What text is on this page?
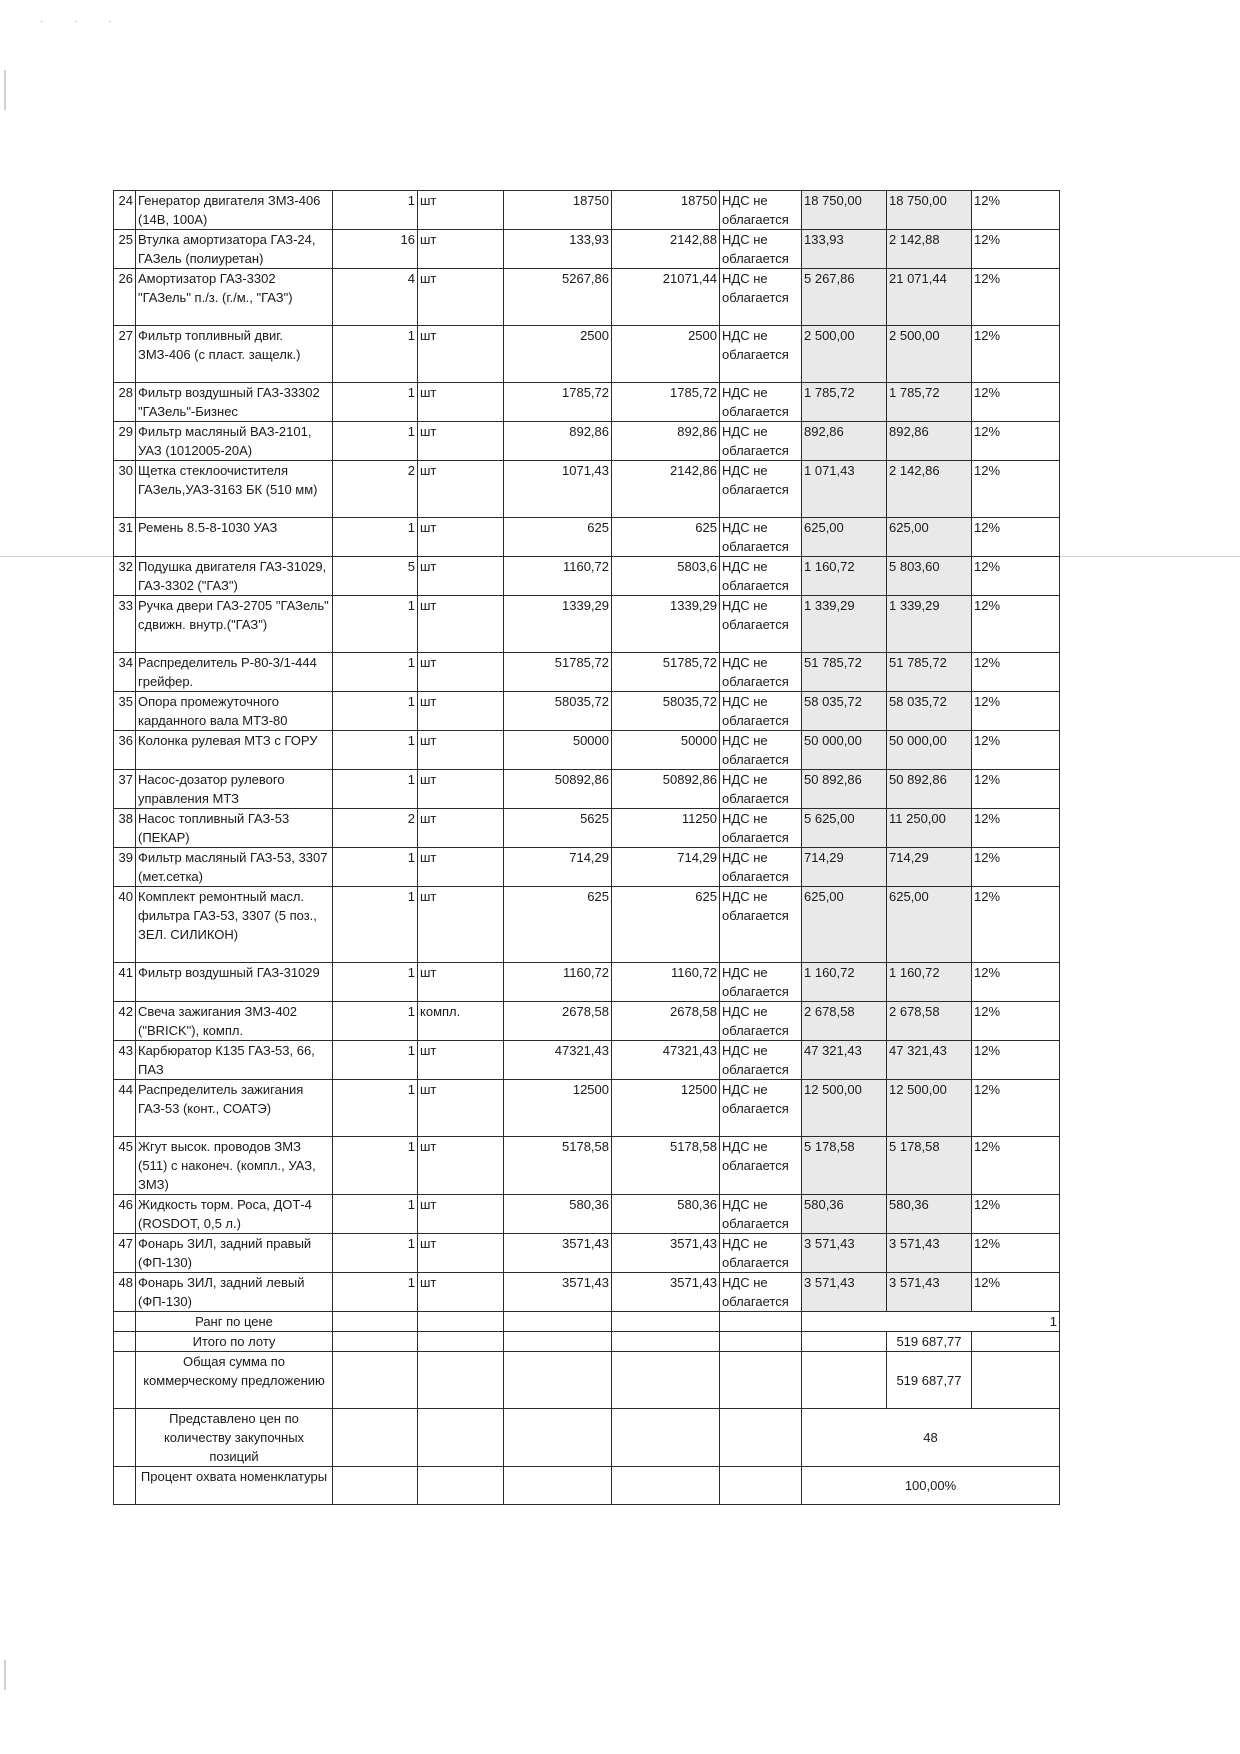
· · ·
24	Генератор двигателя ЗМЗ-406 (14В, 100А)	1	шт	18750	18750	НДС не облагается	18 750,00	18 750,00	12%
25	Втулка амортизатора ГАЗ-24, ГАЗель (полиуретан)	16	шт	133,93	2142,88	НДС не облагается	133,93	2 142,88	12%
26	Амортизатор ГАЗ-3302 "ГАЗель" п./з. (г./м., "ГАЗ")	4	шт	5267,86	21071,44	НДС не облагается	5 267,86	21 071,44	12%
27	Фильтр топливный двиг. ЗМЗ-406 (с пласт. защелк.)	1	шт	2500	2500	НДС не облагается	2 500,00	2 500,00	12%
28	Фильтр воздушный ГАЗ-33302 "ГАЗель"-Бизнес	1	шт	1785,72	1785,72	НДС не облагается	1 785,72	1 785,72	12%
29	Фильтр масляный ВАЗ-2101, УАЗ (1012005-20А)	1	шт	892,86	892,86	НДС не облагается	892,86	892,86	12%
30	Щетка стеклоочистителя ГАЗель,УАЗ-3163 БК (510 мм)	2	шт	1071,43	2142,86	НДС не облагается	1 071,43	2 142,86	12%
31	Ремень 8.5-8-1030 УАЗ	1	шт	625	625	НДС не облагается	625,00	625,00	12%
32	Подушка двигателя ГАЗ-31029, ГАЗ-3302 ("ГАЗ")	5	шт	1160,72	5803,6	НДС не облагается	1 160,72	5 803,60	12%
33	Ручка двери ГАЗ-2705 "ГАЗель" сдвижн. внутр.("ГАЗ")	1	шт	1339,29	1339,29	НДС не облагается	1 339,29	1 339,29	12%
34	Распределитель Р-80-3/1-444 грейфер.	1	шт	51785,72	51785,72	НДС не облагается	51 785,72	51 785,72	12%
35	Опора промежуточного карданного вала МТЗ-80	1	шт	58035,72	58035,72	НДС не облагается	58 035,72	58 035,72	12%
36	Колонка рулевая МТЗ с ГОРУ	1	шт	50000	50000	НДС не облагается	50 000,00	50 000,00	12%
37	Насос-дозатор рулевого управления МТЗ	1	шт	50892,86	50892,86	НДС не облагается	50 892,86	50 892,86	12%
38	Насос топливный ГАЗ-53 (ПЕКАР)	2	шт	5625	11250	НДС не облагается	5 625,00	11 250,00	12%
39	Фильтр масляный ГАЗ-53, 3307 (мет.сетка)	1	шт	714,29	714,29	НДС не облагается	714,29	714,29	12%
40	Комплект ремонтный масл. фильтра ГАЗ-53, 3307 (5 поз., ЗЕЛ. СИЛИКОН)	1	шт	625	625	НДС не облагается	625,00	625,00	12%
41	Фильтр воздушный ГАЗ-31029	1	шт	1160,72	1160,72	НДС не облагается	1 160,72	1 160,72	12%
42	Свеча зажигания ЗМЗ-402 ("BRICK"), компл.	1	компл.	2678,58	2678,58	НДС не облагается	2 678,58	2 678,58	12%
43	Карбюратор К135 ГАЗ-53, 66, ПАЗ	1	шт	47321,43	47321,43	НДС не облагается	47 321,43	47 321,43	12%
44	Распределитель зажигания ГАЗ-53 (конт., СОАТЭ)	1	шт	12500	12500	НДС не облагается	12 500,00	12 500,00	12%
45	Жгут высок. проводов ЗМЗ (511) с наконеч. (компл., УАЗ, ЗМЗ)	1	шт	5178,58	5178,58	НДС не облагается	5 178,58	5 178,58	12%
46	Жидкость торм. Роса, ДОТ-4 (ROSDOT, 0,5 л.)	1	шт	580,36	580,36	НДС не облагается	580,36	580,36	12%
47	Фонарь ЗИЛ, задний правый (ФП-130)	1	шт	3571,43	3571,43	НДС не облагается	3 571,43	3 571,43	12%
48	Фонарь ЗИЛ, задний левый (ФП-130)	1	шт	3571,43	3571,43	НДС не облагается	3 571,43	3 571,43	12%
	Ранг по цене						1		
	Итого по лоту							519 687,77	
	Общая сумма по коммерческому предложению							519 687,77	
	Представлено цен по количеству закупочных позиций						48		
	Процент охвата номенклатуры						100,00%		
